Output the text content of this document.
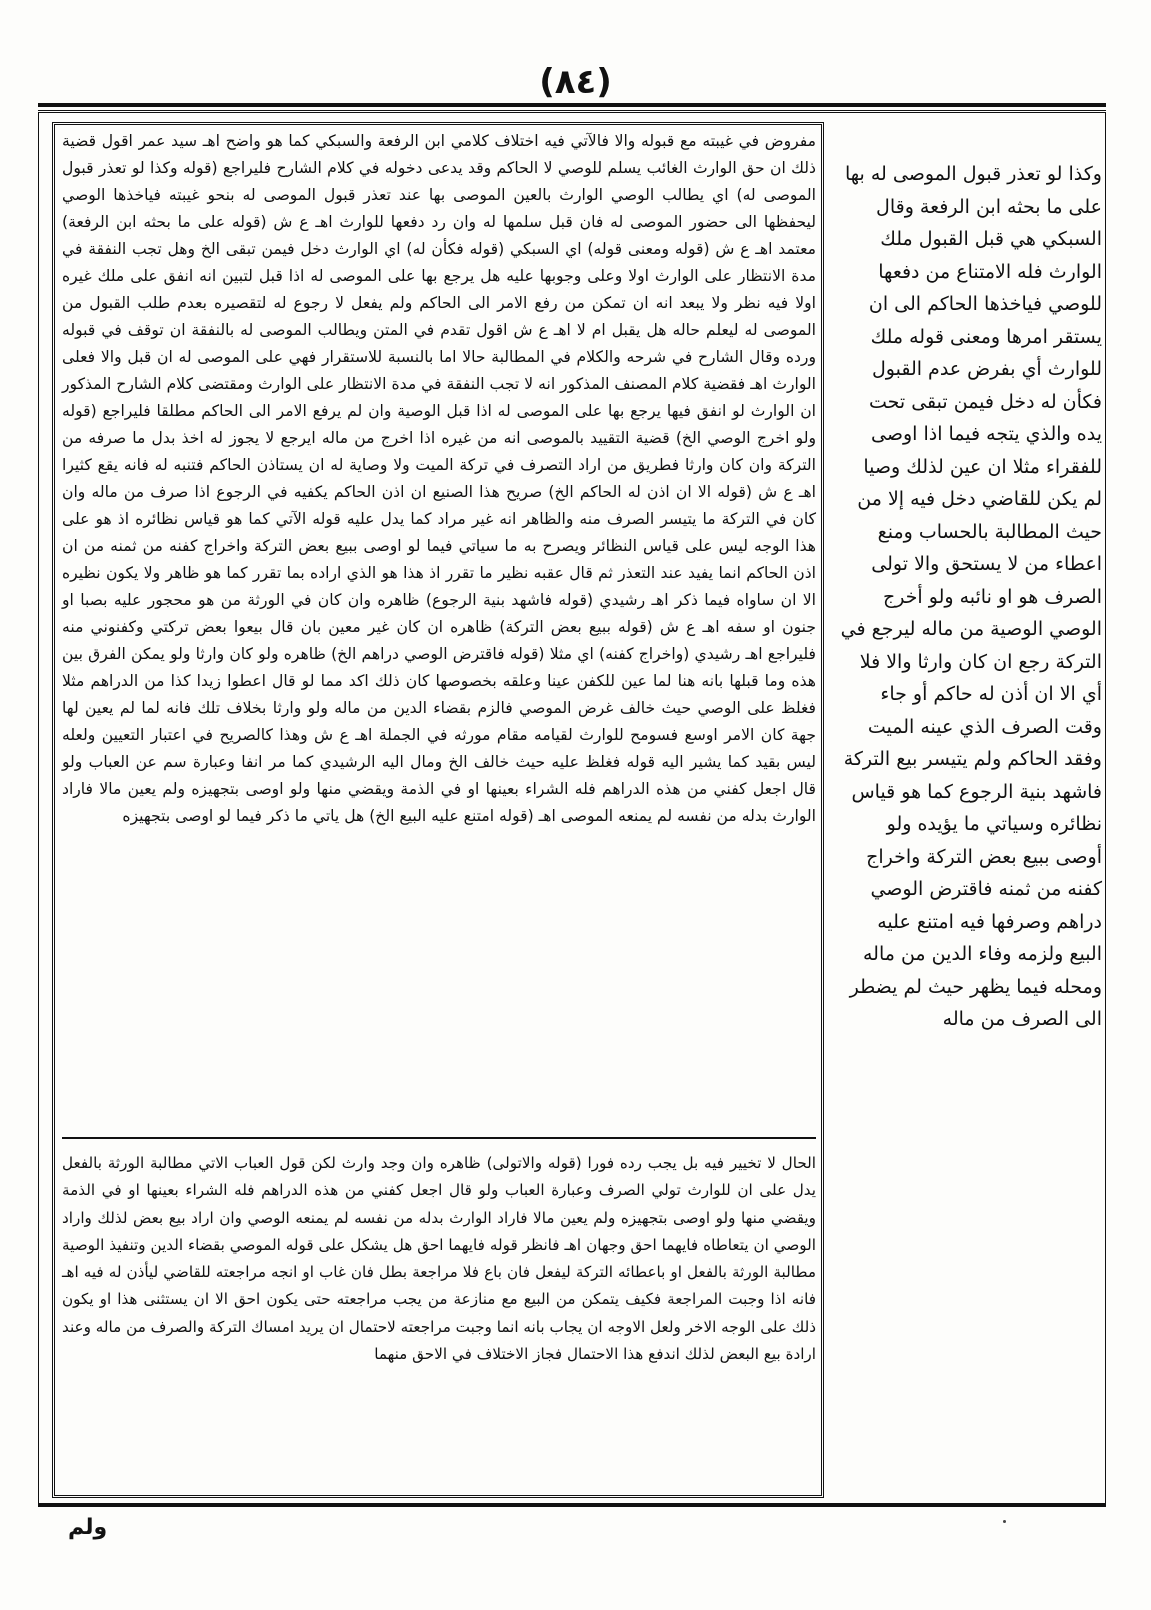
(٨٤)
مفروض في غيبته مع قبوله والا فالآتي فيه اختلاف كلامي ابن الرفعة والسبكي كما هو واضح اهـ سيد عمر اقول قضية ذلك ان حق الوارث الغائب يسلم للوصي لا الحاكم وقد يدعى دخوله في كلام الشارح فليراجع (قوله وكذا لو تعذر قبول الموصى له) اي يطالب الوصي الوارث بالعين الموصى بها عند تعذر قبول الموصى له بنحو غيبته فياخذها الوصي ليحفظها الى حضور الموصى له فان قبل سلمها له وان رد دفعها للوارث اهـ ع ش (قوله على ما بحثه ابن الرفعة) معتمد اهـ ع ش (قوله ومعنى قوله) اي السبكي (قوله فكأن له) اي الوارث دخل فيمن تبقى الخ وهل تجب النفقة في مدة الانتظار على الوارث اولا وعلى وجوبها عليه هل يرجع بها على الموصى له اذا قبل لتبين انه انفق على ملك غيره اولا فيه نظر ولا يبعد انه ان تمكن من رفع الامر الى الحاكم ولم يفعل لا رجوع له لتقصيره بعدم طلب القبول من الموصى له ليعلم حاله هل يقبل ام لا اهـ ع ش اقول تقدم في المتن ويطالب الموصى له بالنفقة ان توقف في قبوله ورده وقال الشارح في شرحه والكلام في المطالبة حالا اما بالنسبة للاستقرار فهي على الموصى له ان قبل والا فعلى الوارث اهـ فقضية كلام المصنف المذكور انه لا تجب النفقة في مدة الانتظار على الوارث ومقتضى كلام الشارح المذكور ان الوارث لو انفق فيها يرجع بها على الموصى له اذا قبل الوصية وان لم يرفع الامر الى الحاكم مطلقا فليراجع (قوله ولو اخرج الوصي الخ) قضية التقييد بالموصى انه من غيره اذا اخرج من ماله ايرجع لا يجوز له اخذ بدل ما صرفه من التركة وان كان وارثا فطريق من اراد التصرف في تركة الميت ولا وصاية له ان يستاذن الحاكم فتنبه له فانه يقع كثيرا اهـ ع ش (قوله الا ان اذن له الحاكم الخ) صريح هذا الصنيع ان اذن الحاكم يكفيه في الرجوع اذا صرف من ماله وان كان في التركة ما يتيسر الصرف منه والظاهر انه غير مراد كما يدل عليه قوله الآتي كما هو قياس نظائره اذ هو على هذا الوجه ليس على قياس النظائر ويصرح به ما سياتي فيما لو اوصى ببيع بعض التركة واخراج كفنه من ثمنه من ان اذن الحاكم انما يفيد عند التعذر ثم قال عقبه نظير ما تقرر اذ هذا هو الذي اراده بما تقرر كما هو ظاهر ولا يكون نظيره الا ان ساواه فيما ذكر اهـ رشيدي (قوله فاشهد بنية الرجوع) ظاهره وان كان في الورثة من هو محجور عليه بصبا او جنون او سفه اهـ ع ش (قوله ببيع بعض التركة) ظاهره ان كان غير معين بان قال بيعوا بعض تركتي وكفنوني منه فليراجع اهـ رشيدي (واخراج كفنه) اي مثلا (قوله فاقترض الوصي دراهم الخ) ظاهره ولو كان وارثا ولو يمكن الفرق بين هذه وما قبلها بانه هنا لما عين للكفن عينا وعلقه بخصوصها كان ذلك اكد مما لو قال اعطوا زيدا كذا من الدراهم مثلا فغلظ على الوصي حيث خالف غرض الموصي فالزم بقضاء الدين من ماله ولو وارثا بخلاف تلك فانه لما لم يعين لها جهة كان الامر اوسع فسومح للوارث لقيامه مقام مورثه في الجملة اهـ ع ش وهذا كالصريح في اعتبار التعيين ولعله ليس بقيد كما يشير اليه قوله فغلظ عليه حيث خالف الخ ومال اليه الرشيدي كما مر انفا وعبارة سم عن العباب ولو قال اجعل كفني من هذه الدراهم فله الشراء بعينها او في الذمة ويقضي منها ولو اوصى بتجهيزه ولم يعين مالا فاراد الوارث بدله من نفسه لم يمنعه الموصى اهـ (قوله امتنع عليه البيع الخ) هل ياتي ما ذكر فيما لو اوصى بتجهيزه
الحال لا تخيير فيه بل يجب رده فورا (قوله والاتولى) ظاهره وان وجد وارث لكن قول العباب الاتي مطالبة الورثة بالفعل يدل على ان للوارث تولي الصرف وعبارة العباب ولو قال اجعل كفني من هذه الدراهم فله الشراء بعينها او في الذمة ويقضي منها ولو اوصى بتجهيزه ولم يعين مالا فاراد الوارث بدله من نفسه لم يمنعه الوصي وان اراد بيع بعض لذلك واراد الوصي ان يتعاطاه فايهما احق وجهان اهـ فانظر قوله فايهما احق هل يشكل على قوله الموصي بقضاء الدين وتنفيذ الوصية مطالبة الورثة بالفعل او باعطائه التركة ليفعل فان باع فلا مراجعة بطل فان غاب او انجه مراجعته للقاضي ليأذن له فيه اهـ فانه اذا وجبت المراجعة فكيف يتمكن من البيع مع منازعة من يجب مراجعته حتى يكون احق الا ان يستثنى هذا او يكون ذلك على الوجه الاخر ولعل الاوجه ان يجاب بانه انما وجبت مراجعته لاحتمال ان يريد امساك التركة والصرف من ماله وعند ارادة بيع البعض لذلك اندفع هذا الاحتمال فجاز الاختلاف في الاحق منهما
وكذا لو تعذر قبول الموصى له بها على ما بحثه ابن الرفعة وقال السبكي هي قبل القبول ملك الوارث فله الامتناع من دفعها للوصي فياخذها الحاكم الى ان يستقر امرها ومعنى قوله ملك للوارث أي بفرض عدم القبول فكأن له دخل فيمن تبقى تحت يده والذي يتجه فيما اذا اوصى للفقراء مثلا ان عين لذلك وصيا لم يكن للقاضي دخل فيه إلا من حيث المطالبة بالحساب ومنع اعطاء من لا يستحق والا تولى الصرف هو او نائبه ولو أخرج الوصي الوصية من ماله ليرجع في التركة رجع ان كان وارثا والا فلا أي الا ان أذن له حاكم أو جاء وقت الصرف الذي عينه الميت وفقد الحاكم ولم يتيسر بيع التركة فاشهد بنية الرجوع كما هو قياس نظائره وسياتي ما يؤيده ولو أوصى ببيع بعض التركة واخراج كفنه من ثمنه فاقترض الوصي دراهم وصرفها فيه امتنع عليه البيع ولزمه وفاء الدين من ماله ومحله فيما يظهر حيث لم يضطر الى الصرف من ماله
ولم
